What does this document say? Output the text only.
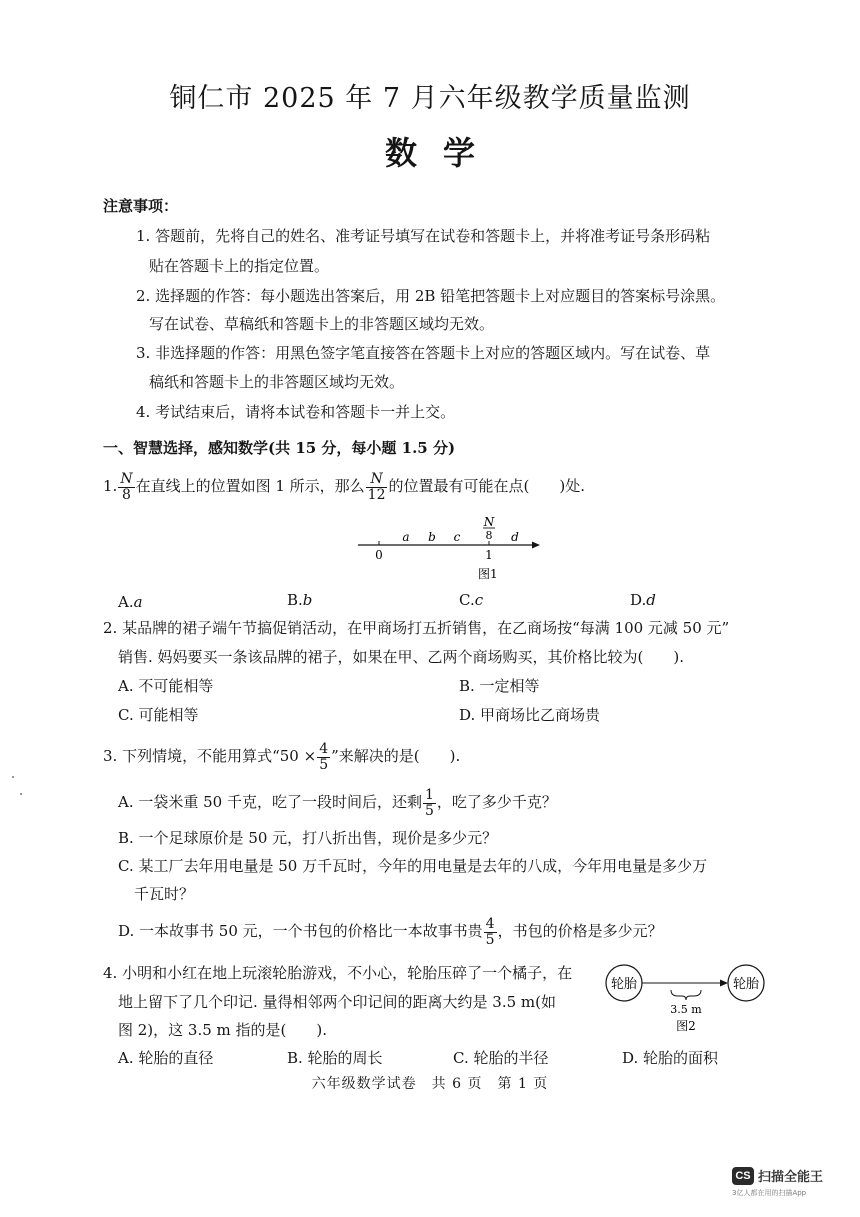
铜仁市 2025 年 7 月六年级教学质量监测
数学
注意事项：
1. 答题前，先将自己的姓名、准考证号填写在试卷和答题卡上，并将准考证号条形码粘
贴在答题卡上的指定位置。
2. 选择题的作答：每小题选出答案后，用 2B 铅笔把答题卡上对应题目的答案标号涂黑。
写在试卷、草稿纸和答题卡上的非答题区域均无效。
3. 非选择题的作答：用黑色签字笔直接答在答题卡上对应的答题区域内。写在试卷、草
稿纸和答题卡上的非答题区域均无效。
4. 考试结束后，请将本试卷和答题卡一并上交。
一、智慧选择，感知数学(共 15 分，每小题 1.5 分)
1. $\frac{N}{8}$ 在直线上的位置如图 1 所示，那么 $\frac{N}{12}$ 的位置最有可能在点(　　)处.
0	1
a b c	d
N
8
图1
A.a	B.b	C.c	D.d
2. 某品牌的裙子端午节搞促销活动，在甲商场打五折销售，在乙商场按“每满 100 元减 50 元”
销售. 妈妈要买一条该品牌的裙子，如果在甲、乙两个商场购买，其价格比较为(　　).
A. 不可能相等	B. 一定相等
C. 可能相等	D. 甲商场比乙商场贵
3. 下列情境，不能用算式“$50 \times \frac{4}{5}$ ”来解决的是(　　).
A. 一袋米重 50 千克，吃了一段时间后，还剩 $\frac{1}{5}$ ，吃了多少千克？
B. 一个足球原价是 50 元，打八折出售，现价是多少元？
C. 某工厂去年用电量是 50 万千瓦时，今年的用电量是去年的八成，今年用电量是多少万
千瓦时？
D. 一本故事书 50 元，一个书包的价格比一本故事书贵 $\frac{4}{5}$ ，书包的价格是多少元？
4. 小明和小红在地上玩滚轮胎游戏，不小心，轮胎压碎了一个橘子，在
地上留下了几个印记. 量得相邻两个印记间的距离大约是 3.5 m(如
图 2)，这 3.5 m 指的是(　　).
轮胎	轮胎
3.5 m
图2
A. 轮胎的直径	B. 轮胎的周长	C. 轮胎的半径	D. 轮胎的面积
六年级数学试卷　共 6 页　第 1 页
CS 扫描全能王
3亿人都在用的扫描App
